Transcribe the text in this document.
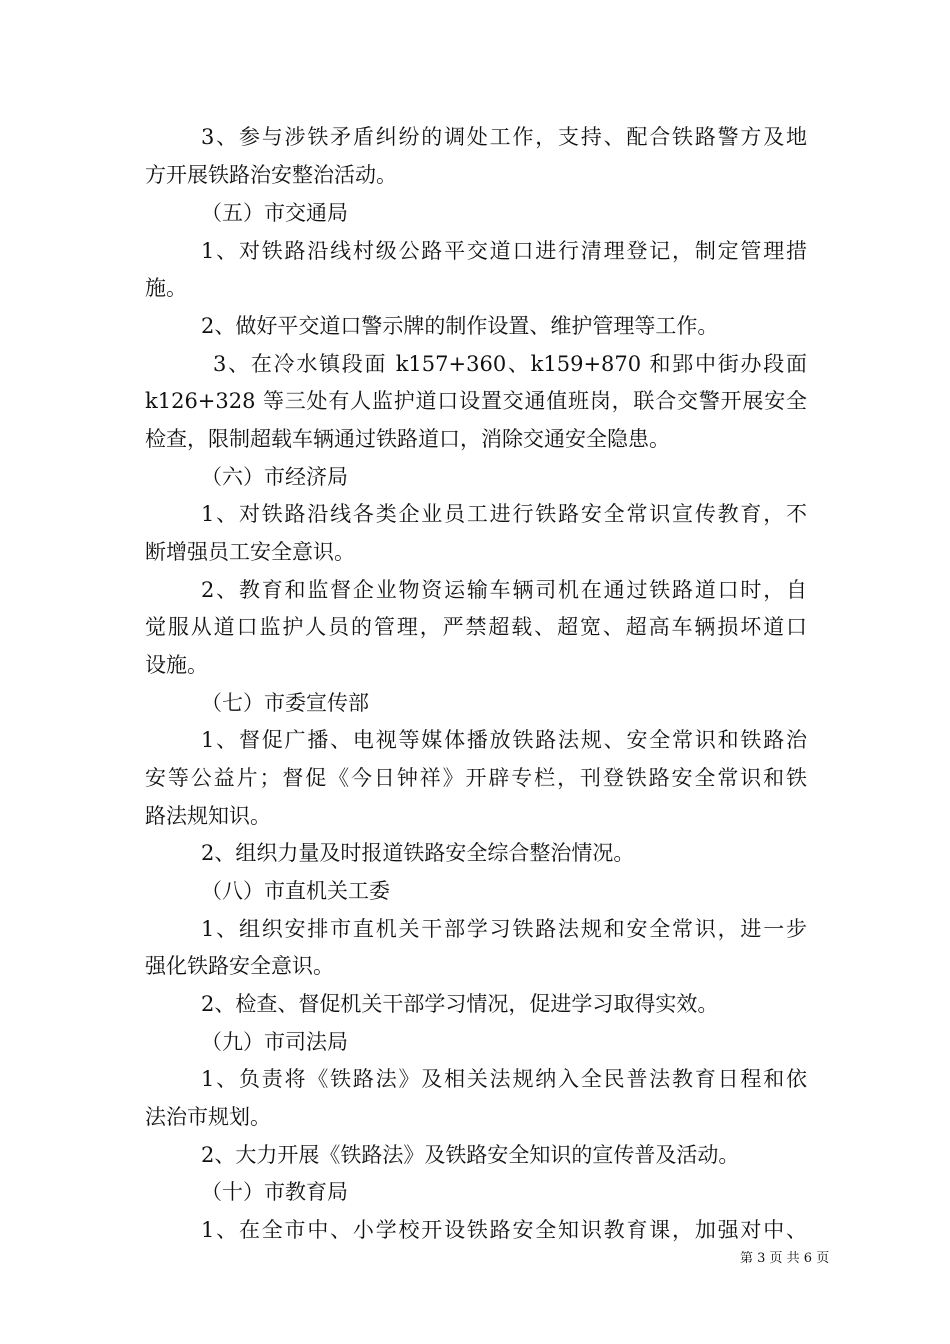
3、参与涉铁矛盾纠纷的调处工作，支持、配合铁路警方及地
方开展铁路治安整治活动。
（五）市交通局
1、对铁路沿线村级公路平交道口进行清理登记，制定管理措
施。
2、做好平交道口警示牌的制作设置、维护管理等工作。
3、在冷水镇段面 k157+360、k159+870 和郢中街办段面
k126+328 等三处有人监护道口设置交通值班岗，联合交警开展安全
检查，限制超载车辆通过铁路道口，消除交通安全隐患。
（六）市经济局
1、对铁路沿线各类企业员工进行铁路安全常识宣传教育，不
断增强员工安全意识。
2、教育和监督企业物资运输车辆司机在通过铁路道口时，自
觉服从道口监护人员的管理，严禁超载、超宽、超高车辆损坏道口
设施。
（七）市委宣传部
1、督促广播、电视等媒体播放铁路法规、安全常识和铁路治
安等公益片；督促《今日钟祥》开辟专栏，刊登铁路安全常识和铁
路法规知识。
2、组织力量及时报道铁路安全综合整治情况。
（八）市直机关工委
1、组织安排市直机关干部学习铁路法规和安全常识，进一步
强化铁路安全意识。
2、检查、督促机关干部学习情况，促进学习取得实效。
（九）市司法局
1、负责将《铁路法》及相关法规纳入全民普法教育日程和依
法治市规划。
2、大力开展《铁路法》及铁路安全知识的宣传普及活动。
（十）市教育局
1、在全市中、小学校开设铁路安全知识教育课，加强对中、
第 3 页 共 6 页
